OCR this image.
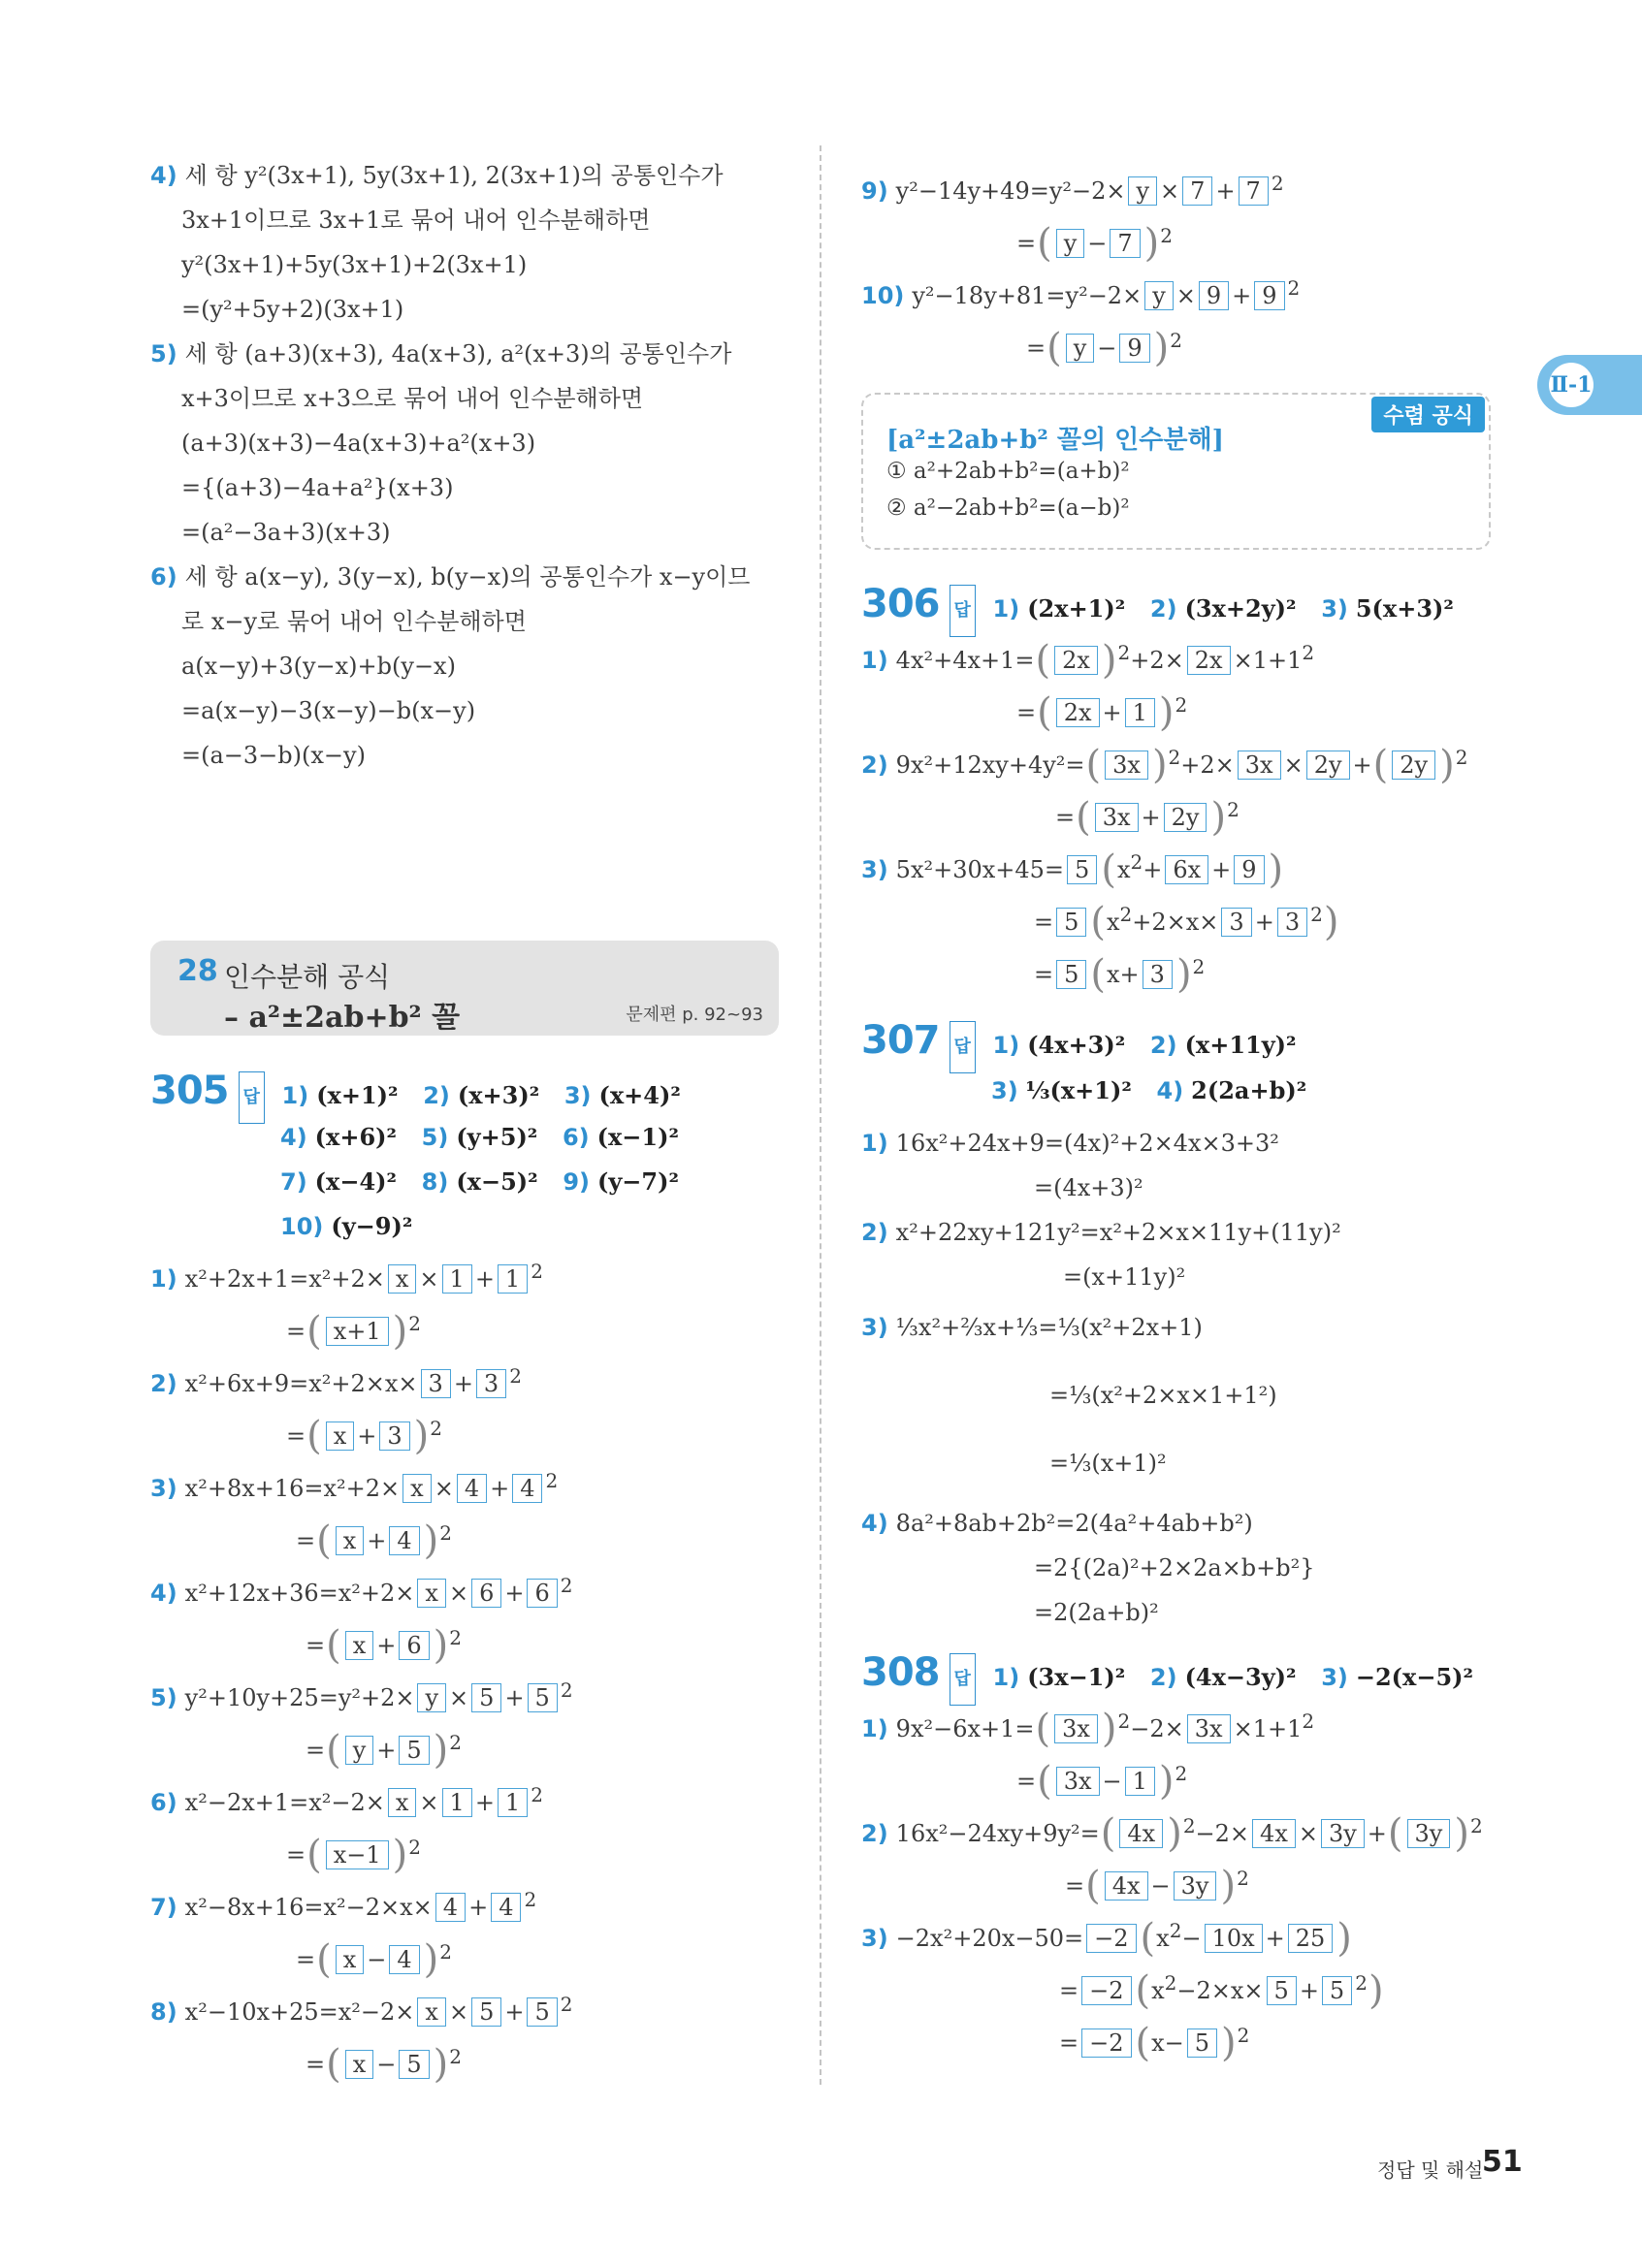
4) 세 항 y²(3x+1), 5y(3x+1), 2(3x+1)의 공통인수가
3x+1이므로 3x+1로 묶어 내어 인수분해하면
y²(3x+1)+5y(3x+1)+2(3x+1)
=(y²+5y+2)(3x+1)
5) 세 항 (a+3)(x+3), 4a(x+3), a²(x+3)의 공통인수가
x+3이므로 x+3으로 묶어 내어 인수분해하면
(a+3)(x+3)−4a(x+3)+a²(x+3)
={(a+3)−4a+a²}(x+3)
=(a²−3a+3)(x+3)
6) 세 항 a(x−y), 3(y−x), b(y−x)의 공통인수가 x−y이므
로 x−y로 묶어 내어 인수분해하면
a(x−y)+3(y−x)+b(y−x)
=a(x−y)−3(x−y)−b(x−y)
=(a−3−b)(x−y)
305 답 1) (x+1)² 2) (x+3)² 3) (x+4)²
4) (x+6)² 5) (y+5)² 6) (x−1)²
7) (x−4)² 8) (x−5)² 9) (y−7)²
10) (y−9)²
1) x²+2x+1=x²+2× x × 1 + 1 $^2$
=( x+1 )$^2$
2) x²+6x+9=x²+2×x× 3 + 3 $^2$
=( x + 3 )$^2$
3) x²+8x+16=x²+2× x × 4 + 4 $^2$
=( x + 4 )$^2$
4) x²+12x+36=x²+2× x × 6 + 6 $^2$
=( x + 6 )$^2$
5) y²+10y+25=y²+2× y × 5 + 5 $^2$
=( y + 5 )$^2$
6) x²−2x+1=x²−2× x × 1 + 1 $^2$
=( x−1 )$^2$
7) x²−8x+16=x²−2×x× 4 + 4 $^2$
=( x − 4 )$^2$
8) x²−10x+25=x²−2× x × 5 + 5 $^2$
=( x − 5 )$^2$
28 인수분해 공식
– a²±2ab+b² 꼴	문제편 p. 92~93
9) y²−14y+49=y²−2× y × 7 + 7 $^2$
=( y − 7 )$^2$
10) y²−18y+81=y²−2× y × 9 + 9 $^2$
=( y − 9 )$^2$
306 답 1) (2x+1)² 2) (3x+2y)² 3) 5(x+3)²
1) 4x²+4x+1=( 2x )$^2+2\times 2x \times 1+1^2$
=( 2x + 1 )$^2$
2) 9x²+12xy+4y²=( 3x )$^2$+2× 3x × 2y +( 2y )$^2$
=( 3x + 2y )$^2$
3) 5x²+30x+45= 5 ($x^2+ 6x + 9$ )
= 5 ($x^2+2\times x\times 3 + 3$ $^2$)
= 5 (x+ 3 )$^2$
307 답 1) (4x+3)² 2) (x+11y)²
3) ⅓(x+1)² 4) 2(2a+b)²
1) 16x²+24x+9=(4x)²+2×4x×3+3²
=(4x+3)²
2) x²+22xy+121y²=x²+2×x×11y+(11y)²
=(x+11y)²
3) ⅓x²+⅔x+⅓=⅓(x²+2x+1)
=⅓(x²+2×x×1+1²)
=⅓(x+1)²
4) 8a²+8ab+2b²=2(4a²+4ab+b²)
=2{(2a)²+2×2a×b+b²}
=2(2a+b)²
308 답 1) (3x−1)² 2) (4x−3y)² 3) −2(x−5)²
1) 9x²−6x+1=( 3x )$^2-2\times 3x \times 1+1^2$
=( 3x − 1 )$^2$
2) 16x²−24xy+9y²=( 4x )$^2$−2× 4x × 3y +( 3y )$^2$
=( 4x − 3y )$^2$
3) −2x²+20x−50= −2 ($x^2- 10x + 25$ )
= −2 ($x^2-2\times x\times 5 + 5$ $^2$)
= −2 (x− 5 )$^2$
수렴 공식
[a²±2ab+b² 꼴의 인수분해]
① a²+2ab+b²=(a+b)²
② a²−2ab+b²=(a−b)²
Ⅱ-1
정답 및 해설
51
